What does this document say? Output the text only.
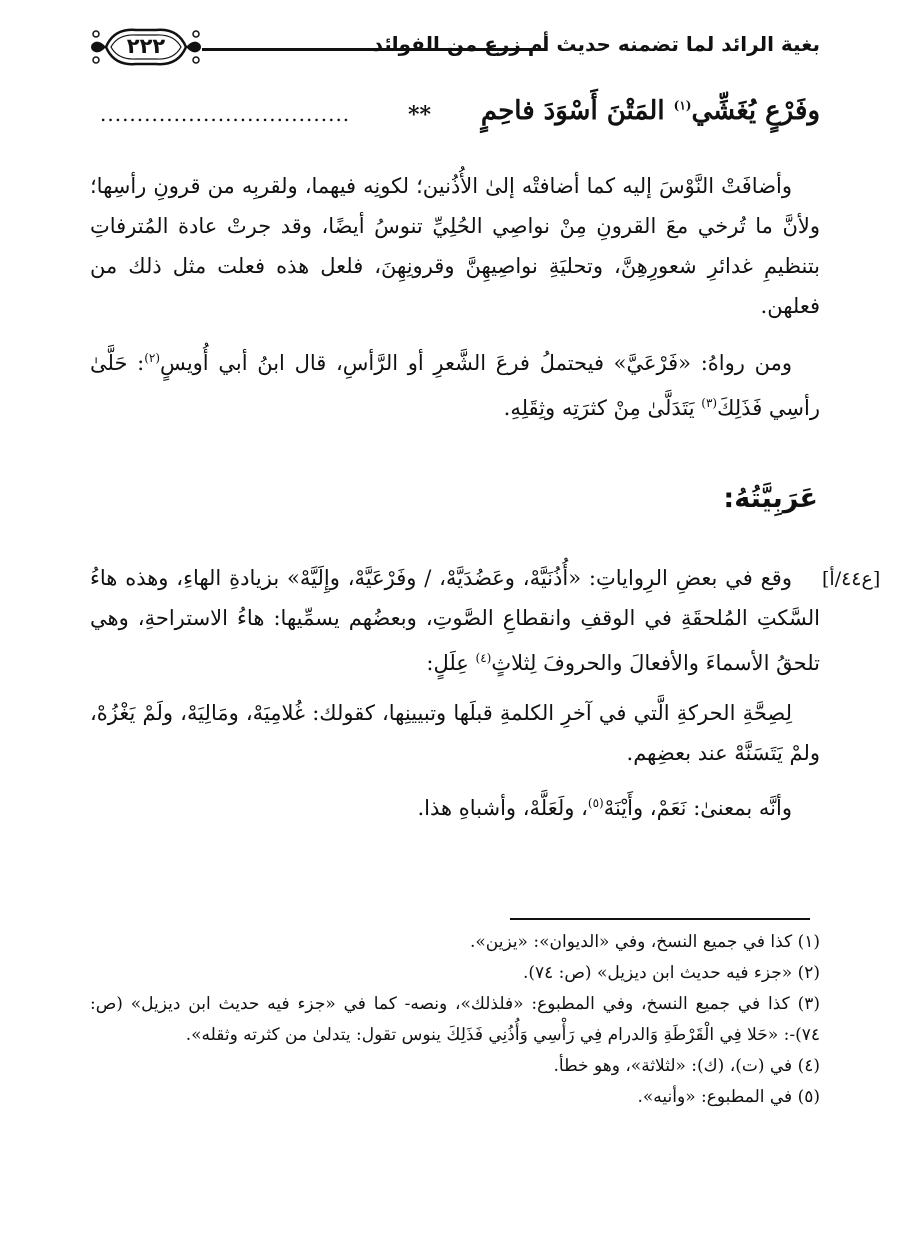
٢٢٢	بغية الرائد لما تضمنه حديث أم زرع من الفوائد
وفَرْعٍ يُغَشِّي$^{(١)}$ المَتْنَ أَسْوَدَ فاحِمٍ
**
..................................

وأضافَتْ النَّوْسَ إليه كما أضافتْه إلىٰ الأُذُنين؛ لكونِه فيهما، ولقربِه من قرونِ رأسِها؛ ولأنَّ ما تُرخي معَ القرونِ مِنْ نواصِي الحُلِيِّ تنوسُ أيضًا، وقد جرتْ عادة المُترفاتِ بتنظيمِ غدائرِ شعورِهِنَّ، وتحليَةِ نواصِيهِنَّ وقرونِهِنَ، فلعل هذه فعلت مثل ذلك من فعلهن.

ومن رواهُ: «فَرْعَيَّ» فيحتملُ فرعَ الشَّعرِ أو الرَّأسِ، قال ابنُ أبي أُويسٍ$^{(٢)}$: حَلَّىٰ رأسِي فَذَلِكَ$^{(٣)}$ يَتَدَلَّىٰ مِنْ كثرَتِه وثِقَلِهِ.

عَرَبِيَّتُهُ:
[ع٤٤/أ]

وقع في بعضِ الرِواياتِ: «أُذُنَيَّهْ، وعَضُدَيَّهْ، / وفَرْعَيَّهْ، وإِلَيَّهْ» بزيادةِ الهاءِ، وهذه هاءُ السَّكتِ المُلحقَةِ في الوقفِ وانقطاعِ الصَّوتِ، وبعضُهم يسمِّيها: هاءُ الاستراحةِ، وهي تلحقُ الأسماءَ والأفعالَ والحروفَ لِثلاثٍ$^{(٤)}$ عِلَلٍ:

لِصِحَّةِ الحركةِ الَّتي في آخرِ الكلمةِ قبلَها وتبيينِها، كقولك: غُلامِيَهْ، ومَالِيَهْ، ولَمْ يَغْزُهْ، ولمْ يَتَسَنَّهْ عند بعضِهم.

وأنَّه بمعنىٰ: نَعَمْ، وأَيْنَهْ$^{(٥)}$، ولَعَلَّهْ، وأشباهِ هذا.

(١) كذا في جميع النسخ، وفي «الديوان»: «يزين».

(٢) «جزء فيه حديث ابن ديزيل» (ص: ٧٤).

(٣) كذا في جميع النسخ، وفي المطبوع: «فلذلك»، ونصه- كما في «جزء فيه حديث ابن ديزيل» (ص: ٧٤)-: «حَلا فِي الْقَرْطَةِ وَالدرام فِي رَأْسِي وَأُذُنِي فَذَلِكَ ينوس تقول: يتدلىٰ من كثرته وثقله».

(٤) في (ت)، (ك): «لثلاثة»، وهو خطأ.

(٥) في المطبوع: «وأنيه».
